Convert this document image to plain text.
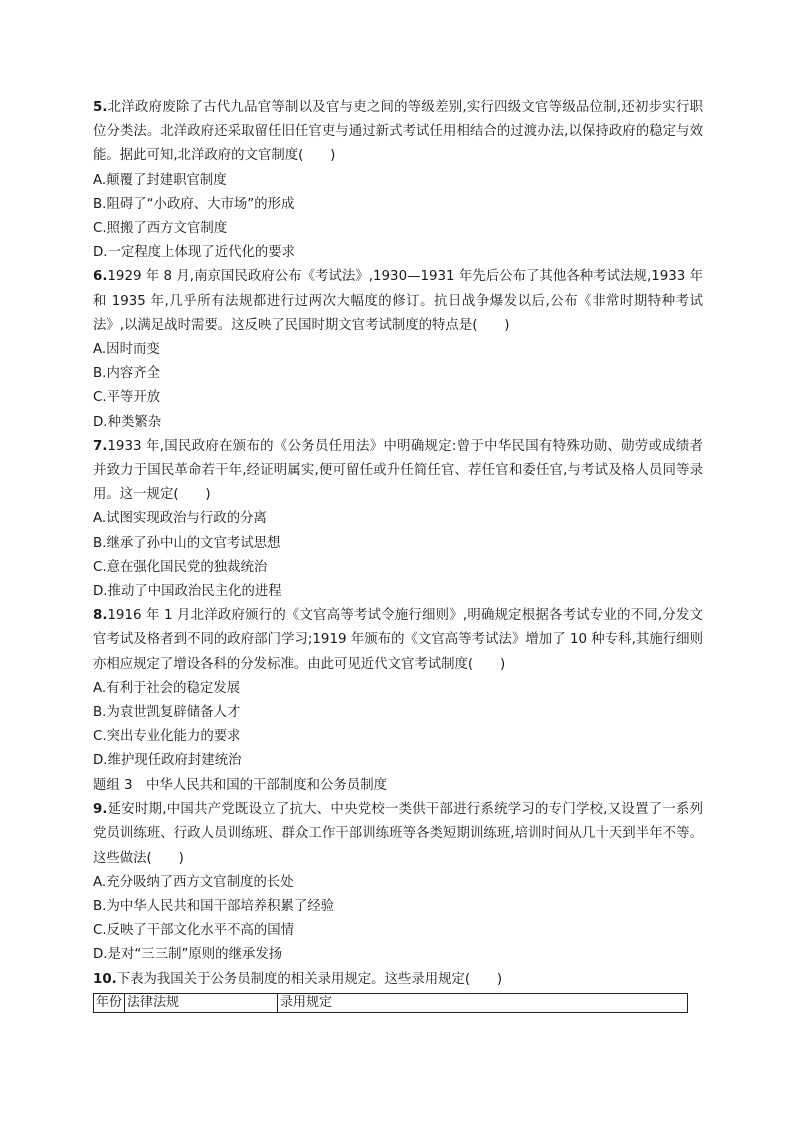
5.北洋政府废除了古代九品官等制以及官与吏之间的等级差别,实行四级文官等级品位制,还初步实行职位分类法。北洋政府还采取留任旧任官吏与通过新式考试任用相结合的过渡办法,以保持政府的稳定与效能。据此可知,北洋政府的文官制度(　　)

A.颠覆了封建职官制度

B.阻碍了“小政府、大市场”的形成

C.照搬了西方文官制度

D.一定程度上体现了近代化的要求

6.1929 年 8 月,南京国民政府公布《考试法》,1930—1931 年先后公布了其他各种考试法规,1933 年和 1935 年,几乎所有法规都进行过两次大幅度的修订。抗日战争爆发以后,公布《非常时期特种考试法》,以满足战时需要。这反映了民国时期文官考试制度的特点是(　　)

A.因时而变

B.内容齐全

C.平等开放

D.种类繁杂

7.1933 年,国民政府在颁布的《公务员任用法》中明确规定:曾于中华民国有特殊功勋、勋劳或成绩者并致力于国民革命若干年,经证明属实,便可留任或升任简任官、荐任官和委任官,与考试及格人员同等录用。这一规定(　　)

A.试图实现政治与行政的分离

B.继承了孙中山的文官考试思想

C.意在强化国民党的独裁统治

D.推动了中国政治民主化的进程

8.1916 年 1 月北洋政府颁行的《文官高等考试令施行细则》,明确规定根据各考试专业的不同,分发文官考试及格者到不同的政府部门学习;1919 年颁布的《文官高等考试法》增加了 10 种专科,其施行细则亦相应规定了增设各科的分发标准。由此可见近代文官考试制度(　　)

A.有利于社会的稳定发展

B.为袁世凯复辟储备人才

C.突出专业化能力的要求

D.维护现任政府封建统治

题组 3　中华人民共和国的干部制度和公务员制度

9.延安时期,中国共产党既设立了抗大、中央党校一类供干部进行系统学习的专门学校,又设置了一系列党员训练班、行政人员训练班、群众工作干部训练班等各类短期训练班,培训时间从几十天到半年不等。这些做法(　　)

A.充分吸纳了西方文官制度的长处

B.为中华人民共和国干部培养积累了经验

C.反映了干部文化水平不高的国情

D.是对“三三制”原则的继承发扬

10.下表为我国关于公务员制度的相关录用规定。这些录用规定(　　)

年份	法律法规	录用规定
